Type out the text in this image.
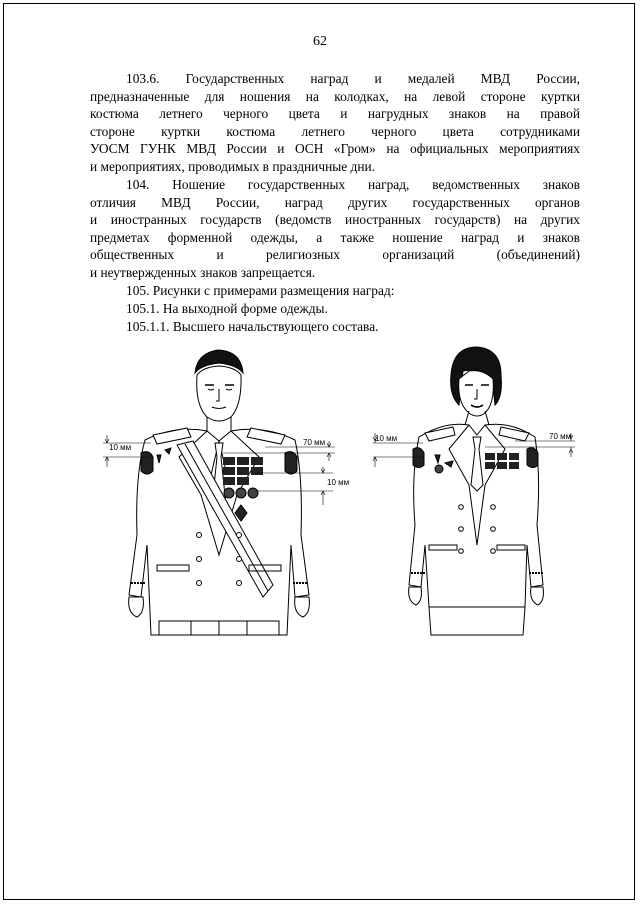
62
103.6. Государственных наград и медалей МВД России,
предназначенные для ношения на колодках, на левой стороне куртки
костюма летнего черного цвета и нагрудных знаков на правой
стороне куртки костюма летнего черного цвета сотрудниками
УОСМ ГУНК МВД России и ОСН «Гром» на официальных мероприятиях
и мероприятиях, проводимых в праздничные дни.
104. Ношение государственных наград, ведомственных знаков
отличия МВД России, наград других государственных органов
и иностранных государств (ведомств иностранных государств) на других
предметах форменной одежды, а также ношение наград и знаков
общественных и религиозных организаций (объединений)
и неутвержденных знаков запрещается.
105. Рисунки с примерами размещения наград:
105.1. На выходной форме одежды.
105.1.1. Высшего начальствующего состава.
10 мм
70 мм
10 мм
10 мм	70 мм
